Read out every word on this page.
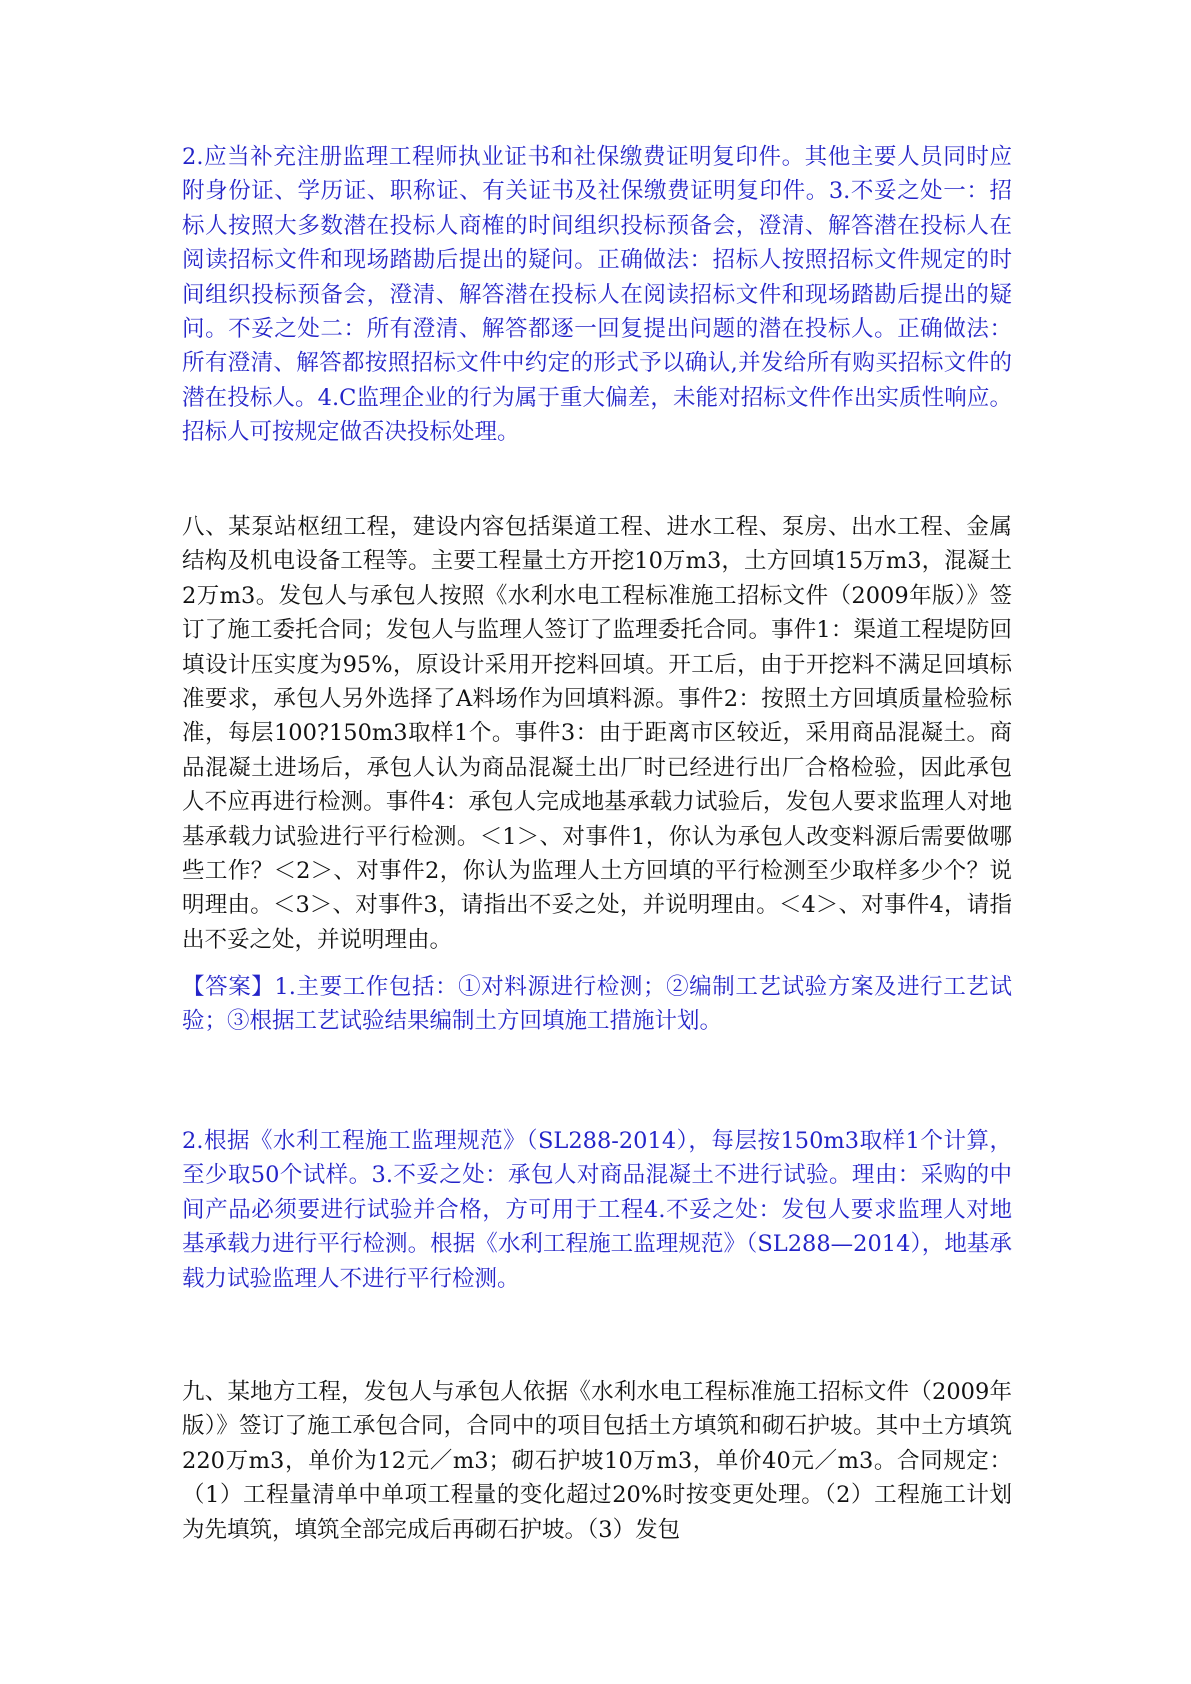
2.应当补充注册监理工程师执业证书和社保缴费证明复印件。其他主要人员同时应附身份证、学历证、职称证、有关证书及社保缴费证明复印件。3.不妥之处一：招标人按照大多数潜在投标人商榷的时间组织投标预备会，澄清、解答潜在投标人在阅读招标文件和现场踏勘后提出的疑问。正确做法：招标人按照招标文件规定的时间组织投标预备会，澄清、解答潜在投标人在阅读招标文件和现场踏勘后提出的疑问。不妥之处二：所有澄清、解答都逐一回复提出问题的潜在投标人。正确做法：所有澄清、解答都按照招标文件中约定的形式予以确认,并发给所有购买招标文件的潜在投标人。4.C监理企业的行为属于重大偏差，未能对招标文件作出实质性响应。招标人可按规定做否决投标处理。

八、某泵站枢纽工程，建设内容包括渠道工程、进水工程、泵房、出水工程、金属结构及机电设备工程等。主要工程量土方开挖10万m3，土方回填15万m3，混凝土2万m3。发包人与承包人按照《水利水电工程标准施工招标文件（2009年版）》签订了施工委托合同；发包人与监理人签订了监理委托合同。事件1：渠道工程堤防回填设计压实度为95%，原设计采用开挖料回填。开工后，由于开挖料不满足回填标准要求，承包人另外选择了A料场作为回填料源。事件2：按照土方回填质量检验标准，每层100?150m3取样1个。事件3：由于距离市区较近，采用商品混凝土。商品混凝土进场后，承包人认为商品混凝土出厂时已经进行出厂合格检验，因此承包人不应再进行检测。事件4：承包人完成地基承载力试验后，发包人要求监理人对地基承载力试验进行平行检测。＜1＞、对事件1，你认为承包人改变料源后需要做哪些工作？＜2＞、对事件2，你认为监理人土方回填的平行检测至少取样多少个？说明理由。＜3＞、对事件3，请指出不妥之处，并说明理由。＜4＞、对事件4，请指出不妥之处，并说明理由。

【答案】1.主要工作包括：①对料源进行检测；②编制工艺试验方案及进行工艺试验；③根据工艺试验结果编制土方回填施工措施计划。

2.根据《水利工程施工监理规范》（SL288-2014），每层按150m3取样1个计算，至少取50个试样。3.不妥之处：承包人对商品混凝土不进行试验。理由：采购的中间产品必须要进行试验并合格，方可用于工程4.不妥之处：发包人要求监理人对地基承载力进行平行检测。根据《水利工程施工监理规范》（SL288—2014），地基承载力试验监理人不进行平行检测。

九、某地方工程，发包人与承包人依据《水利水电工程标准施工招标文件（2009年版）》签订了施工承包合同，合同中的项目包括土方填筑和砌石护坡。其中土方填筑220万m3，单价为12元／m3；砌石护坡10万m3，单价40元／m3。合同规定：（1）工程量清单中单项工程量的变化超过20%时按变更处理。（2）工程施工计划为先填筑，填筑全部完成后再砌石护坡。（3）发包
